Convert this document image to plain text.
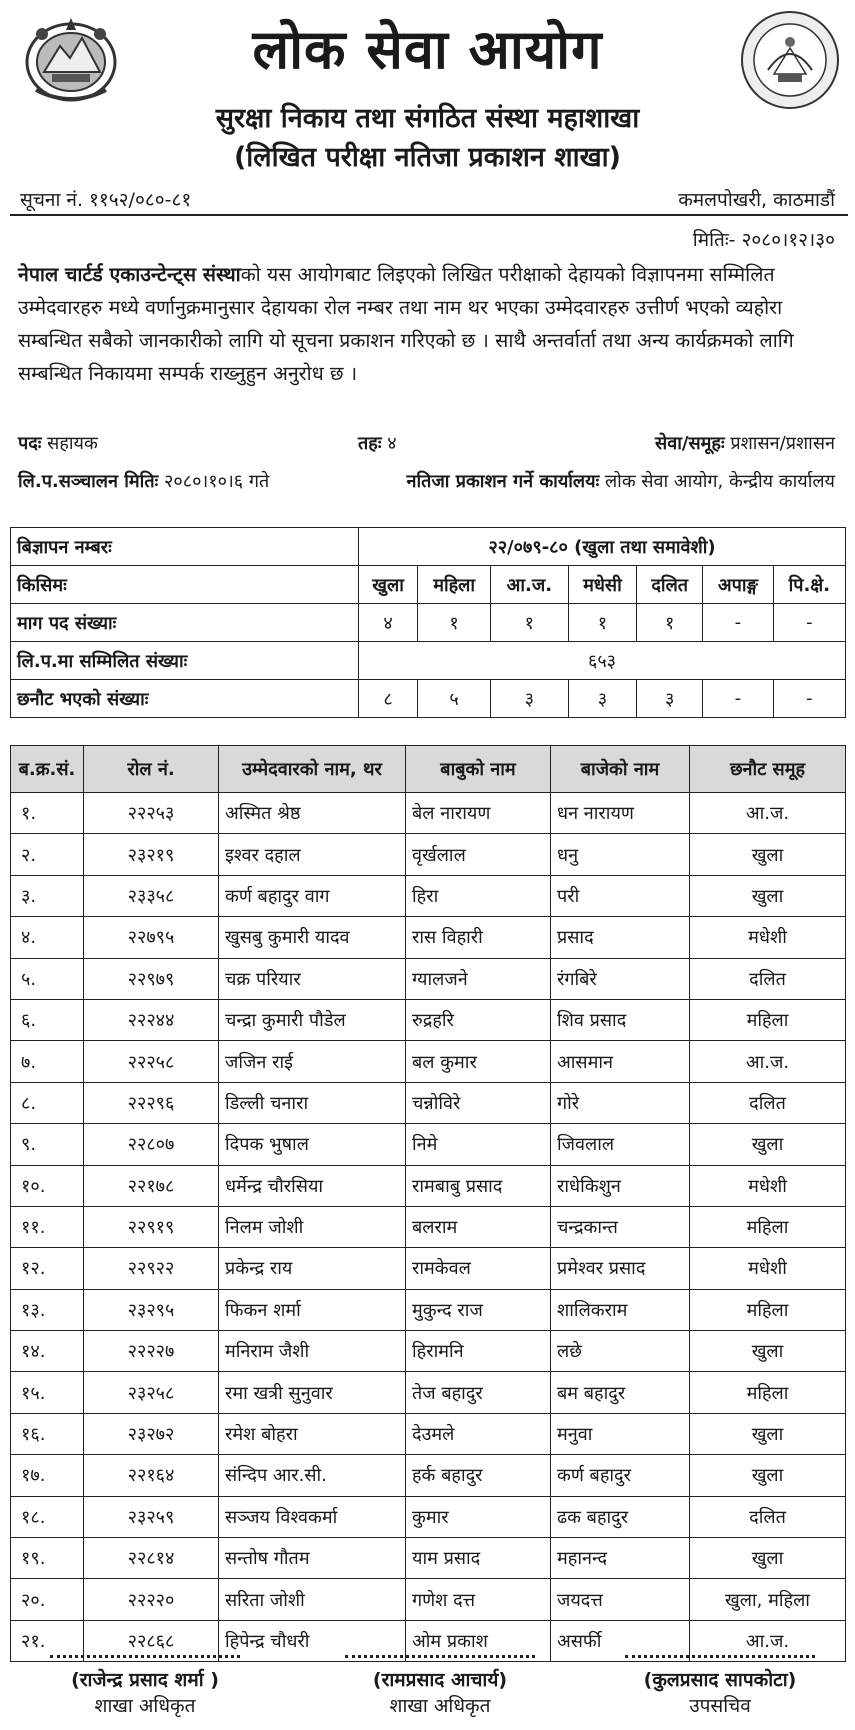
लोक सेवा आयोग
सुरक्षा निकाय तथा संगठित संस्था महाशाखा
(लिखित परीक्षा नतिजा प्रकाशन शाखा)
सूचना नं. ११५२/०८०-८१	कमलपोखरी, काठमाडौं
मितिः- २०८०।१२।३०
नेपाल चार्टर्ड एकाउन्टेन्ट्स संस्थाको यस आयोगबाट लिइएको लिखित परीक्षाको देहायको विज्ञापनमा सम्मिलित उम्मेदवारहरु मध्ये वर्णानुक्रमानुसार देहायका रोल नम्बर तथा नाम थर भएका उम्मेदवारहरु उत्तीर्ण भएको व्यहोरा सम्बन्धित सबैको जानकारीको लागि यो सूचना प्रकाशन गरिएको छ । साथै अन्तर्वार्ता तथा अन्य कार्यक्रमको लागि सम्बन्धित निकायमा सम्पर्क राख्नुहुन अनुरोध छ ।
पदः सहायक	तहः ४	सेवा/समूहः प्रशासन/प्रशासन
लि.प.सञ्चालन मितिः २०८०।१०।६ गते	नतिजा प्रकाशन गर्ने कार्यालयः लोक सेवा आयोग, केन्द्रीय कार्यालय
बिज्ञापन नम्बरः	२२/०७९-८० (खुला तथा समावेशी)						
किसिमः	खुला	महिला	आ.ज.	मधेसी	दलित	अपाङ्ग	पि.क्षे.
माग पद संख्याः	४	१	१	१	१	-	-
लि.प.मा सम्मिलित संख्याः	६५३						
छनौट भएको संख्याः	८	५	३	३	३	-	-
ब.क्र.सं.	रोल नं.	उम्मेदवारको नाम, थर	बाबुको नाम	बाजेको नाम	छनौट समूह
१.	२२२५३	अस्मित श्रेष्ठ	बेल नारायण	धन नारायण	आ.ज.
२.	२३२१९	इश्वर दहाल	वृर्खलाल	धनु	खुला
३.	२३३५८	कर्ण बहादुर वाग	हिरा	परी	खुला
४.	२२७९५	खुसबु कुमारी यादव	रास विहारी	प्रसाद	मधेशी
५.	२२९७९	चक्र परियार	ग्यालजने	रंगबिरे	दलित
६.	२२२४४	चन्द्रा कुमारी पौडेल	रुद्रहरि	शिव प्रसाद	महिला
७.	२२२५८	जजिन राई	बल कुमार	आसमान	आ.ज.
८.	२२२९६	डिल्ली चनारा	चन्नोविरे	गोरे	दलित
९.	२२८०७	दिपक भुषाल	निमे	जिवलाल	खुला
१०.	२२१७८	धर्मेन्द्र चौरसिया	रामबाबु प्रसाद	राधेकिशुन	मधेशी
११.	२२९१९	निलम जोशी	बलराम	चन्द्रकान्त	महिला
१२.	२२९२२	प्रकेन्द्र राय	रामकेवल	प्रमेश्वर प्रसाद	मधेशी
१३.	२३२९५	फिकन शर्मा	मुकुन्द राज	शालिकराम	महिला
१४.	२२२२७	मनिराम जैशी	हिरामनि	लछे	खुला
१५.	२३२५८	रमा खत्री सुनुवार	तेज बहादुर	बम बहादुर	महिला
१६.	२३२७२	रमेश बोहरा	देउमले	मनुवा	खुला
१७.	२२१६४	संन्दिप आर.सी.	हर्क बहादुर	कर्ण बहादुर	खुला
१८.	२३२५९	सञ्जय विश्वकर्मा	कुमार	ढक बहादुर	दलित
१९.	२२८१४	सन्तोष गौतम	याम प्रसाद	महानन्द	खुला
२०.	२२२२०	सरिता जोशी	गणेश दत्त	जयदत्त	खुला, महिला
२१.	२२८६८	हिपेन्द्र चौधरी	ओम प्रकाश	असर्फी	आ.ज.
(राजेन्द्र प्रसाद शर्मा )
शाखा अधिकृत
(रामप्रसाद आचार्य)
शाखा अधिकृत
(कुलप्रसाद सापकोटा)
उपसचिव
